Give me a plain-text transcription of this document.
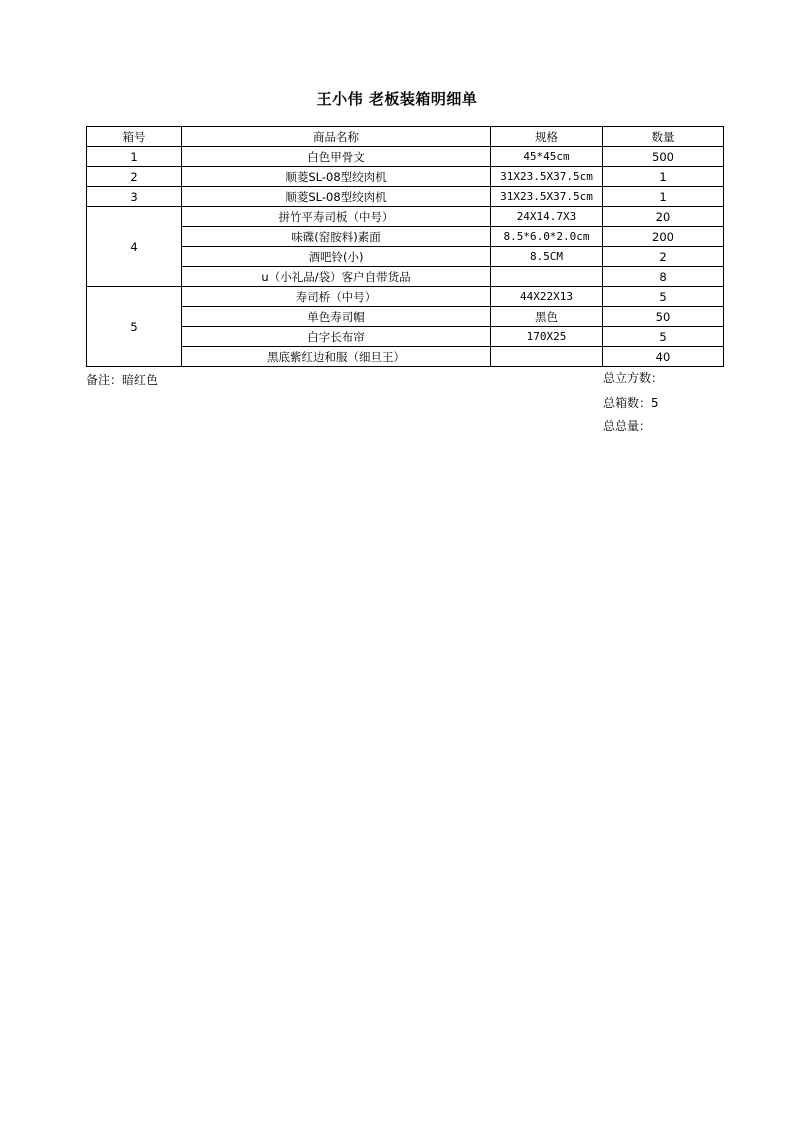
王小伟 老板装箱明细单
箱号	商品名称	规格	数量
1	白色甲骨文	45*45cm	500
2	顺菱SL-08型绞肉机	31X23.5X37.5cm	1
3	顺菱SL-08型绞肉机	31X23.5X37.5cm	1
4	拼竹平寿司板（中号）	24X14.7X3	20
	味碟(窑胺料)素面	8.5*6.0*2.0cm	200
	酒吧铃(小)	8.5CM	2
	u（小礼品/袋）客户自带货品		8
5	寿司桥（中号）	44X22X13	5
	单色寿司帽	黑色	50
	白字长布帘	170X25	5
	黑底紫红边和服（细旦王）		40
备注：暗红色	总立方数：
总箱数：5
总总量：
